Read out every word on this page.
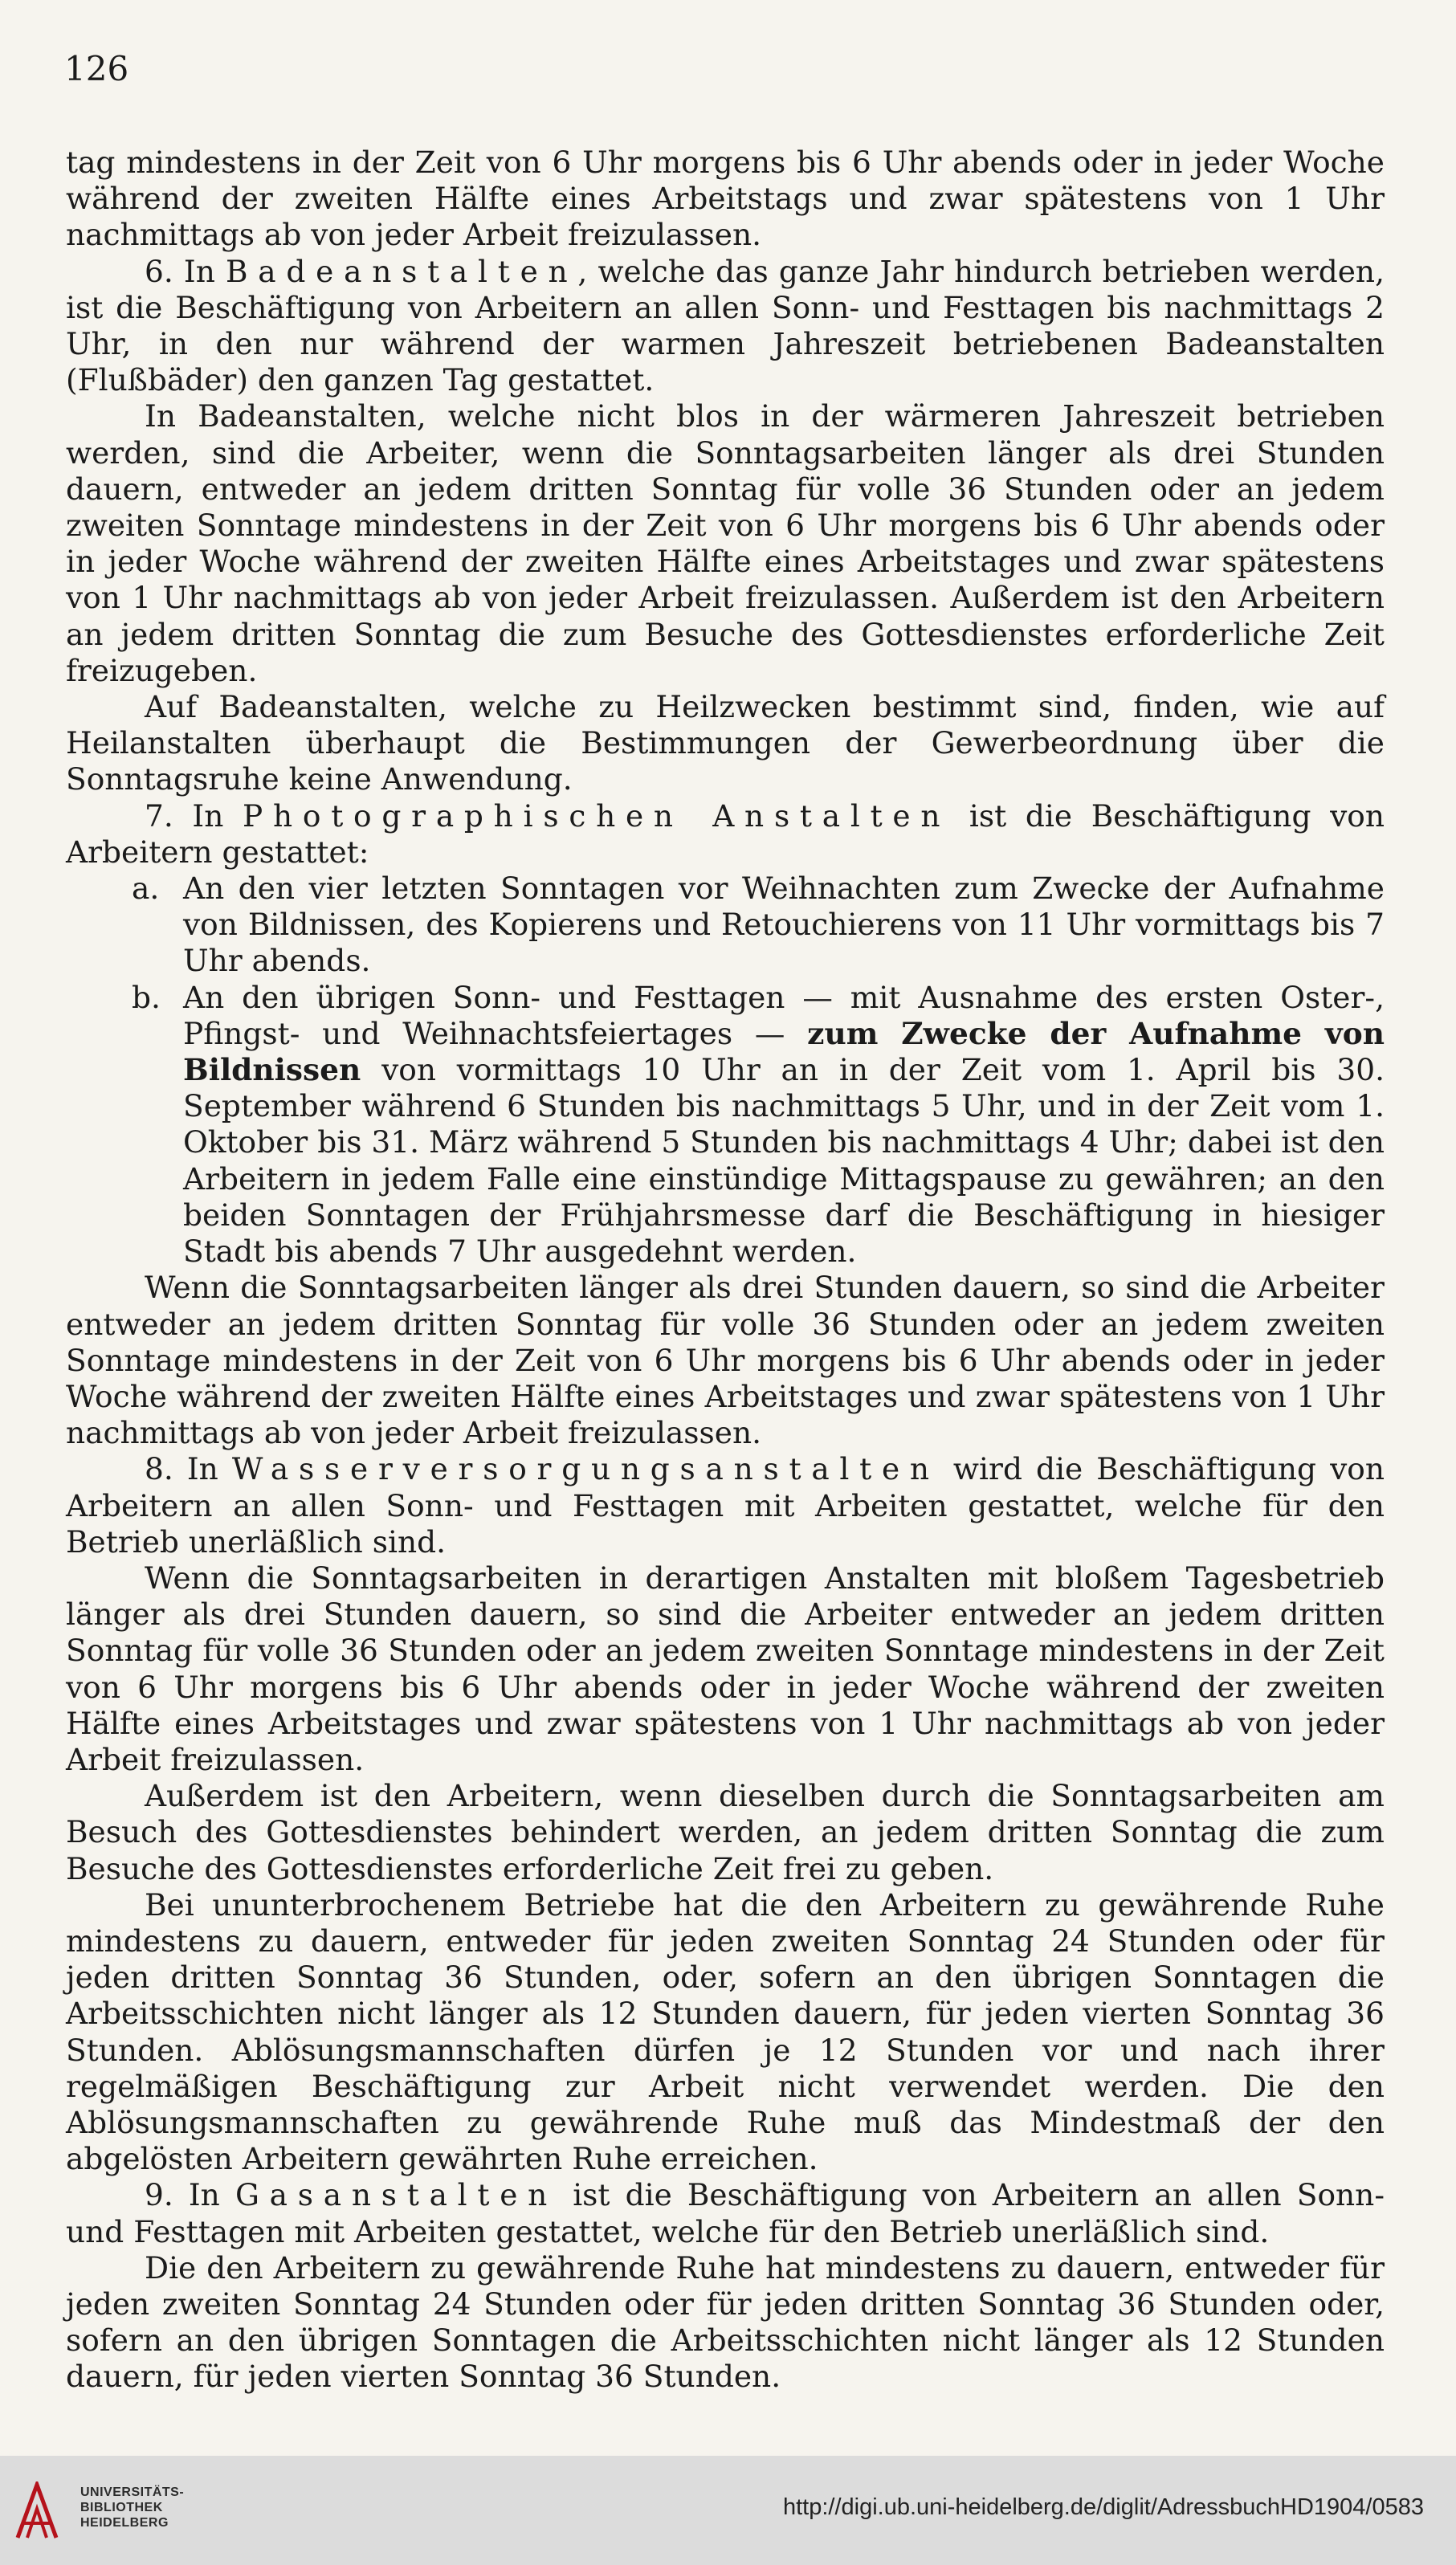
126

tag mindestens in der Zeit von 6 Uhr morgens bis 6 Uhr abends oder in jeder Woche während der zweiten Hälfte eines Arbeitstags und zwar spätestens von 1 Uhr nachmittags ab von jeder Arbeit freizulassen.

6. In Badeanstalten, welche das ganze Jahr hindurch betrieben werden, ist die Beschäftigung von Arbeitern an allen Sonn- und Festtagen bis nachmittags 2 Uhr, in den nur während der warmen Jahreszeit betriebenen Badeanstalten (Flußbäder) den ganzen Tag gestattet.

In Badeanstalten, welche nicht blos in der wärmeren Jahreszeit betrieben werden, sind die Arbeiter, wenn die Sonntagsarbeiten länger als drei Stunden dauern, entweder an jedem dritten Sonntag für volle 36 Stunden oder an jedem zweiten Sonntage mindestens in der Zeit von 6 Uhr morgens bis 6 Uhr abends oder in jeder Woche während der zweiten Hälfte eines Arbeitstages und zwar spätestens von 1 Uhr nachmittags ab von jeder Arbeit freizulassen. Außerdem ist den Arbeitern an jedem dritten Sonntag die zum Besuche des Gottesdienstes erforderliche Zeit freizugeben.

Auf Badeanstalten, welche zu Heilzwecken bestimmt sind, finden, wie auf Heilanstalten überhaupt die Bestimmungen der Gewerbeordnung über die Sonntagsruhe keine Anwendung.

7. In Photographischen Anstalten ist die Beschäftigung von Arbeitern gestattet:

a. An den vier letzten Sonntagen vor Weihnachten zum Zwecke der Aufnahme von Bildnissen, des Kopierens und Retouchierens von 11 Uhr vormittags bis 7 Uhr abends.
b. An den übrigen Sonn- und Festtagen — mit Ausnahme des ersten Oster-, Pfingst- und Weihnachtsfeiertages — zum Zwecke der Aufnahme von Bildnissen von vormittags 10 Uhr an in der Zeit vom 1. April bis 30. September während 6 Stunden bis nachmittags 5 Uhr, und in der Zeit vom 1. Oktober bis 31. März während 5 Stunden bis nachmittags 4 Uhr; dabei ist den Arbeitern in jedem Falle eine einstündige Mittagspause zu gewähren; an den beiden Sonntagen der Frühjahrsmesse darf die Beschäftigung in hiesiger Stadt bis abends 7 Uhr ausgedehnt werden.

Wenn die Sonntagsarbeiten länger als drei Stunden dauern, so sind die Arbeiter entweder an jedem dritten Sonntag für volle 36 Stunden oder an jedem zweiten Sonntage mindestens in der Zeit von 6 Uhr morgens bis 6 Uhr abends oder in jeder Woche während der zweiten Hälfte eines Arbeitstages und zwar spätestens von 1 Uhr nachmittags ab von jeder Arbeit freizulassen.

8. In Wasserversorgungsanstalten wird die Beschäftigung von Arbeitern an allen Sonn- und Festtagen mit Arbeiten gestattet, welche für den Betrieb unerläßlich sind.

Wenn die Sonntagsarbeiten in derartigen Anstalten mit bloßem Tagesbetrieb länger als drei Stunden dauern, so sind die Arbeiter entweder an jedem dritten Sonntag für volle 36 Stunden oder an jedem zweiten Sonntage mindestens in der Zeit von 6 Uhr morgens bis 6 Uhr abends oder in jeder Woche während der zweiten Hälfte eines Arbeitstages und zwar spätestens von 1 Uhr nachmittags ab von jeder Arbeit freizulassen.

Außerdem ist den Arbeitern, wenn dieselben durch die Sonntagsarbeiten am Besuch des Gottesdienstes behindert werden, an jedem dritten Sonntag die zum Besuche des Gottesdienstes erforderliche Zeit frei zu geben.

Bei ununterbrochenem Betriebe hat die den Arbeitern zu gewährende Ruhe mindestens zu dauern, entweder für jeden zweiten Sonntag 24 Stunden oder für jeden dritten Sonntag 36 Stunden, oder, sofern an den übrigen Sonntagen die Arbeitsschichten nicht länger als 12 Stunden dauern, für jeden vierten Sonntag 36 Stunden. Ablösungsmannschaften dürfen je 12 Stunden vor und nach ihrer regelmäßigen Beschäftigung zur Arbeit nicht verwendet werden. Die den Ablösungsmannschaften zu gewährende Ruhe muß das Mindestmaß der den abgelösten Arbeitern gewährten Ruhe erreichen.

9. In Gasanstalten ist die Beschäftigung von Arbeitern an allen Sonn- und Festtagen mit Arbeiten gestattet, welche für den Betrieb unerläßlich sind.

Die den Arbeitern zu gewährende Ruhe hat mindestens zu dauern, entweder für jeden zweiten Sonntag 24 Stunden oder für jeden dritten Sonntag 36 Stunden oder, sofern an den übrigen Sonntagen die Arbeitsschichten nicht länger als 12 Stunden dauern, für jeden vierten Sonntag 36 Stunden.

UNIVERSITÄTS-
BIBLIOTHEK
HEIDELBERG
http://digi.ub.uni-heidelberg.de/diglit/AdressbuchHD1904/0583
